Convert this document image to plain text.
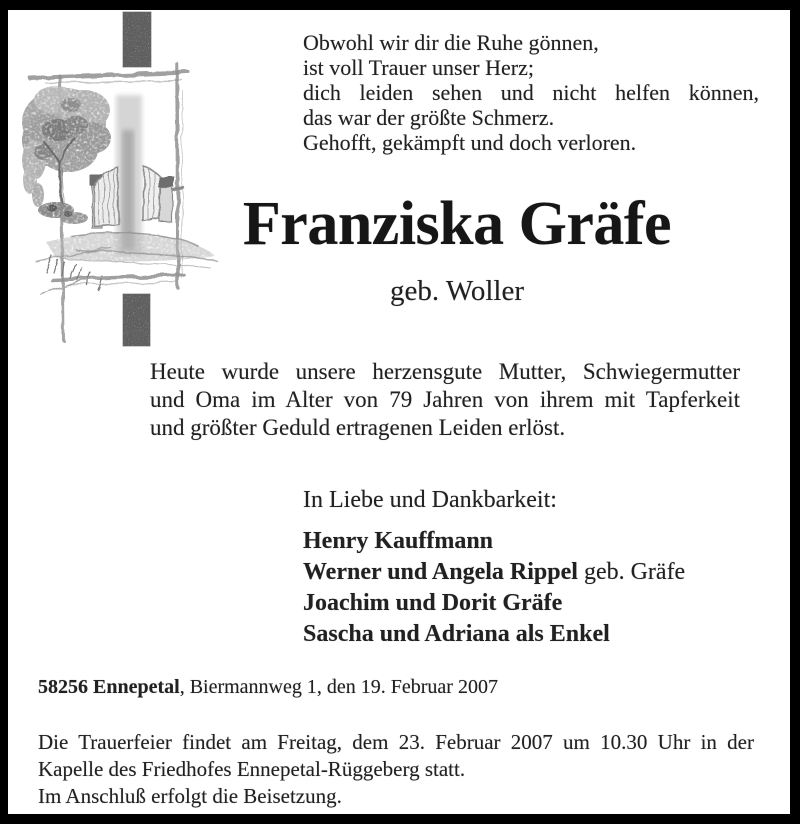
Obwohl wir dir die Ruhe gönnen,
ist voll Trauer unser Herz;
dich leiden sehen und nicht helfen können,
das war der größte Schmerz.
Gehofft, gekämpft und doch verloren.
Franziska Gräfe
geb. Woller
Heute wurde unsere herzensgute Mutter, Schwiegermutter
und Oma im Alter von 79 Jahren von ihrem mit Tapferkeit
und größter Geduld ertragenen Leiden erlöst.
In Liebe und Dankbarkeit:
Henry Kauffmann
Werner und Angela Rippel geb. Gräfe
Joachim und Dorit Gräfe
Sascha und Adriana als Enkel
58256 Ennepetal, Biermannweg 1, den 19. Februar 2007
Die Trauerfeier findet am Freitag, dem 23. Februar 2007 um 10.30 Uhr in der
Kapelle des Friedhofes Ennepetal-Rüggeberg statt.
Im Anschluß erfolgt die Beisetzung.
